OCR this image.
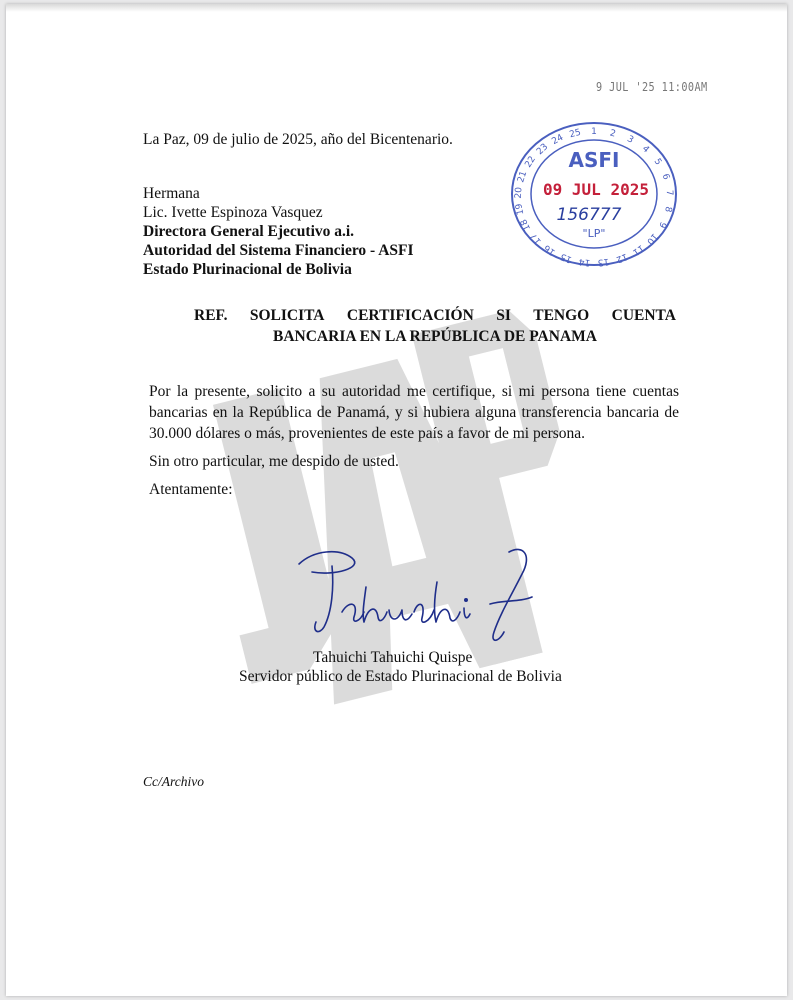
9 JUL '25 11:00AM
La Paz, 09 de julio de 2025, año del Bicentenario.	1 2
3
4
5
6
7
8
9
10
11
12
13
14
15
16
17
18
19
20
21
22
23
24 25
ASFI
09 JUL 2025
156777
"LP"
Hermana
Lic. Ivette Espinoza Vasquez
Directora General Ejecutivo a.i.
Autoridad del Sistema Financiero - ASFI
Estado Plurinacional de Bolivia
REF. SOLICITA CERTIFICACIÓN SI TENGO CUENTA
BANCARIA EN LA REPÚBLICA DE PANAMA
Por la presente, solicito a su autoridad me certifique, si mi persona tiene cuentas bancarias en la República de Panamá, y si hubiera alguna transferencia bancaria de 30.000 dólares o más, provenientes de este país a favor de mi persona.
Sin otro particular, me despido de usted.
Atentamente:
Tahuichi Tahuichi Quispe
Servidor público de Estado Plurinacional de Bolivia
Cc/Archivo
